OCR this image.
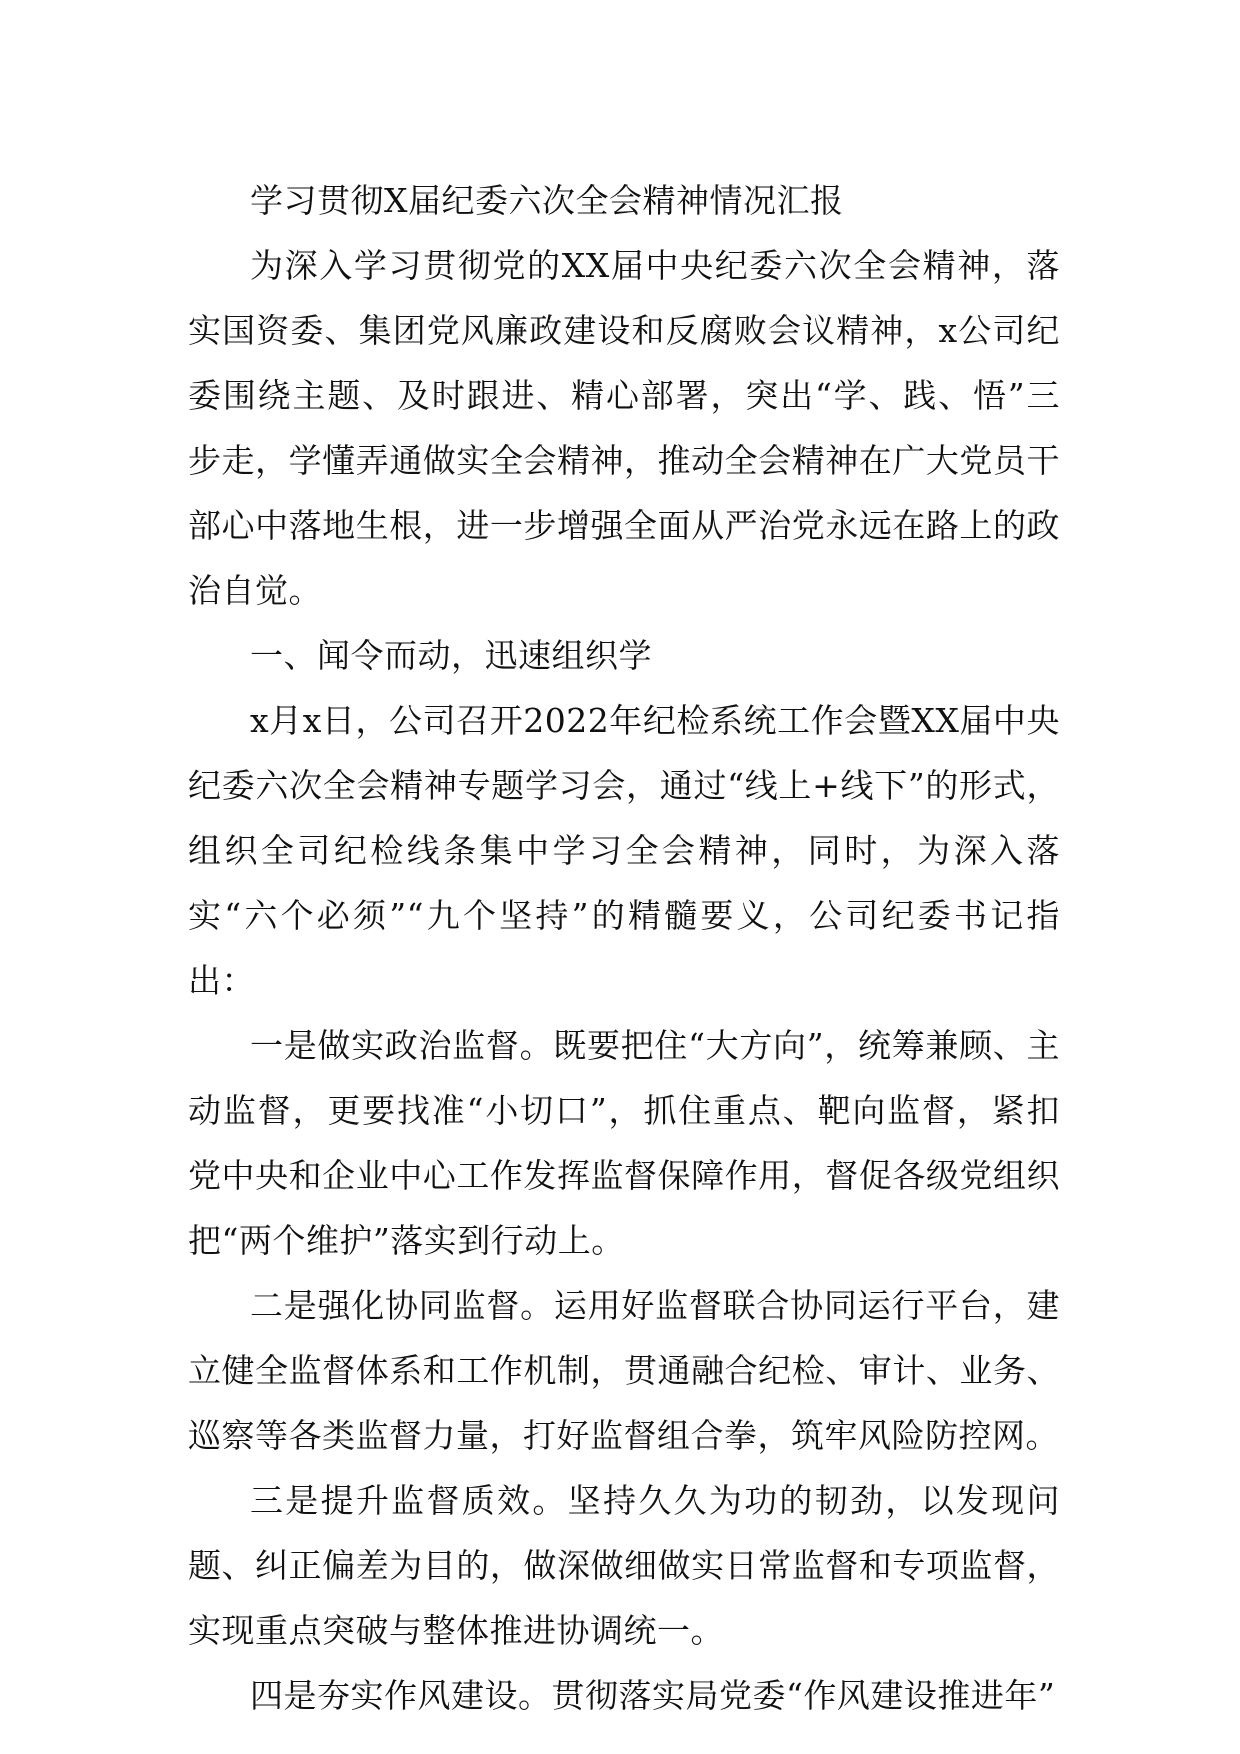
学习贯彻X届纪委六次全会精神情况汇报

为深入学习贯彻党的XX届中央纪委六次全会精神，落实国资委、集团党风廉政建设和反腐败会议精神，x公司纪委围绕主题、及时跟进、精心部署，突出“学、践、悟”三步走，学懂弄通做实全会精神，推动全会精神在广大党员干部心中落地生根，进一步增强全面从严治党永远在路上的政治自觉。

一、闻令而动，迅速组织学

x月x日，公司召开2022年纪检系统工作会暨XX届中央纪委六次全会精神专题学习会，通过“线上+线下”的形式，组织全司纪检线条集中学习全会精神，同时，为深入落实“六个必须”“九个坚持”的精髓要义，公司纪委书记指出：

一是做实政治监督。既要把住“大方向”，统筹兼顾、主动监督，更要找准“小切口”，抓住重点、靶向监督，紧扣党中央和企业中心工作发挥监督保障作用，督促各级党组织把“两个维护”落实到行动上。

二是强化协同监督。运用好监督联合协同运行平台，建立健全监督体系和工作机制，贯通融合纪检、审计、业务、巡察等各类监督力量，打好监督组合拳，筑牢风险防控网。

三是提升监督质效。坚持久久为功的韧劲，以发现问题、纠正偏差为目的，做深做细做实日常监督和专项监督，实现重点突破与整体推进协调统一。

四是夯实作风建设。贯彻落实局党委“作风建设推进年”
